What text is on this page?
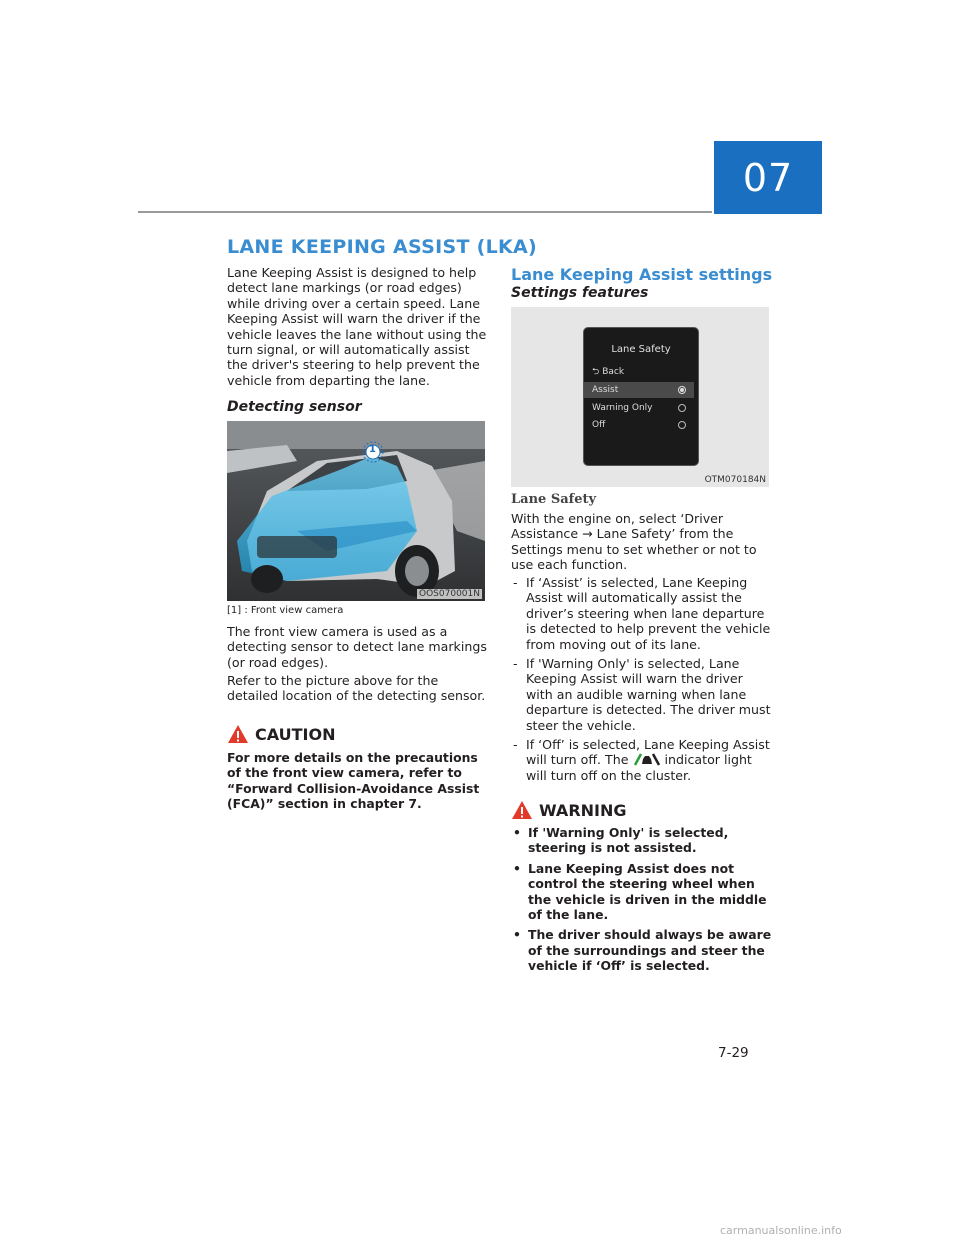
07
LANE KEEPING ASSIST (LKA)
Lane Keeping Assist is designed to help detect lane markings (or road edges) while driving over a certain speed. Lane Keeping Assist will warn the driver if the vehicle leaves the lane without using the turn signal, or will automatically assist the driver's steering to help prevent the vehicle from departing the lane.
Detecting sensor
1
OOS070001N
[1] : Front view camera
The front view camera is used as a detecting sensor to detect lane markings (or road edges).
Refer to the picture above for the detailed location of the detecting sensor.
CAUTION
For more details on the precautions of the front view camera, refer to “Forward Collision-Avoidance Assist (FCA)” section in chapter 7.
Lane Keeping Assist settings
Settings features
Lane Safety
⮌ Back
Assist
Warning Only
Off
OTM070184N
Lane Safety
With the engine on, select ‘Driver Assistance → Lane Safety’ from the Settings menu to set whether or not to use each function.
- If ‘Assist’ is selected, Lane Keeping Assist will automatically assist the driver’s steering when lane departure is detected to help prevent the vehicle from moving out of its lane.
- If 'Warning Only' is selected, Lane Keeping Assist will warn the driver with an audible warning when lane departure is detected. The driver must steer the vehicle.
- If ‘Off’ is selected, Lane Keeping Assist will turn off. The	indicator light will turn off on the cluster.
WARNING
• If 'Warning Only' is selected, steering is not assisted.
• Lane Keeping Assist does not control the steering wheel when the vehicle is driven in the middle of the lane.
• The driver should always be aware of the surroundings and steer the vehicle if ‘Off’ is selected.
7-29
carmanualsonline.info
